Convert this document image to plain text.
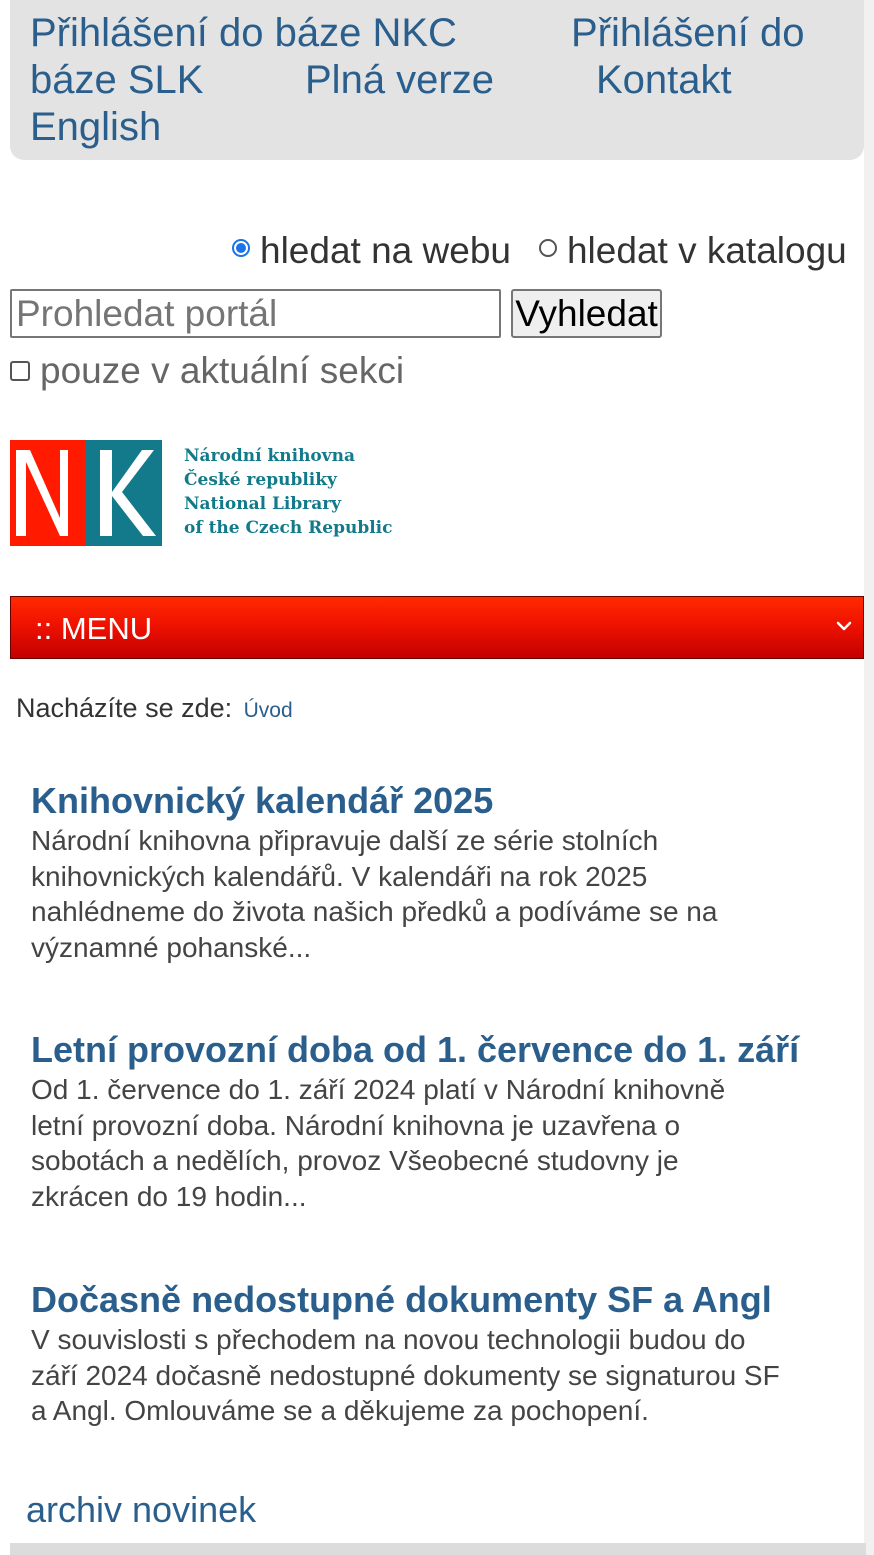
Přihlášení do báze NKC	Přihlášení do
báze SLK	Plná verze	Kontakt
English
hledat na webu hledat v katalogu
Prohledat portál
Vyhledat
pouze v aktuální sekci
Národní knihovna
České republiky
National Library
of the Czech Republic
:: MENU
Nacházíte se zde: Úvod
Knihovnický kalendář 2025
Národní knihovna připravuje další ze série stolních
knihovnických kalendářů. V kalendáři na rok 2025
nahlédneme do života našich předků a podíváme se na
významné pohanské...
Letní provozní doba od 1. července do 1. září
Od 1. července do 1. září 2024 platí v Národní knihovně
letní provozní doba. Národní knihovna je uzavřena o
sobotách a nedělích, provoz Všeobecné studovny je
zkrácen do 19 hodin...
Dočasně nedostupné dokumenty SF a Angl
V souvislosti s přechodem na novou technologii budou do
září 2024 dočasně nedostupné dokumenty se signaturou SF
a Angl. Omlouváme se a děkujeme za pochopení.
archiv novinek
